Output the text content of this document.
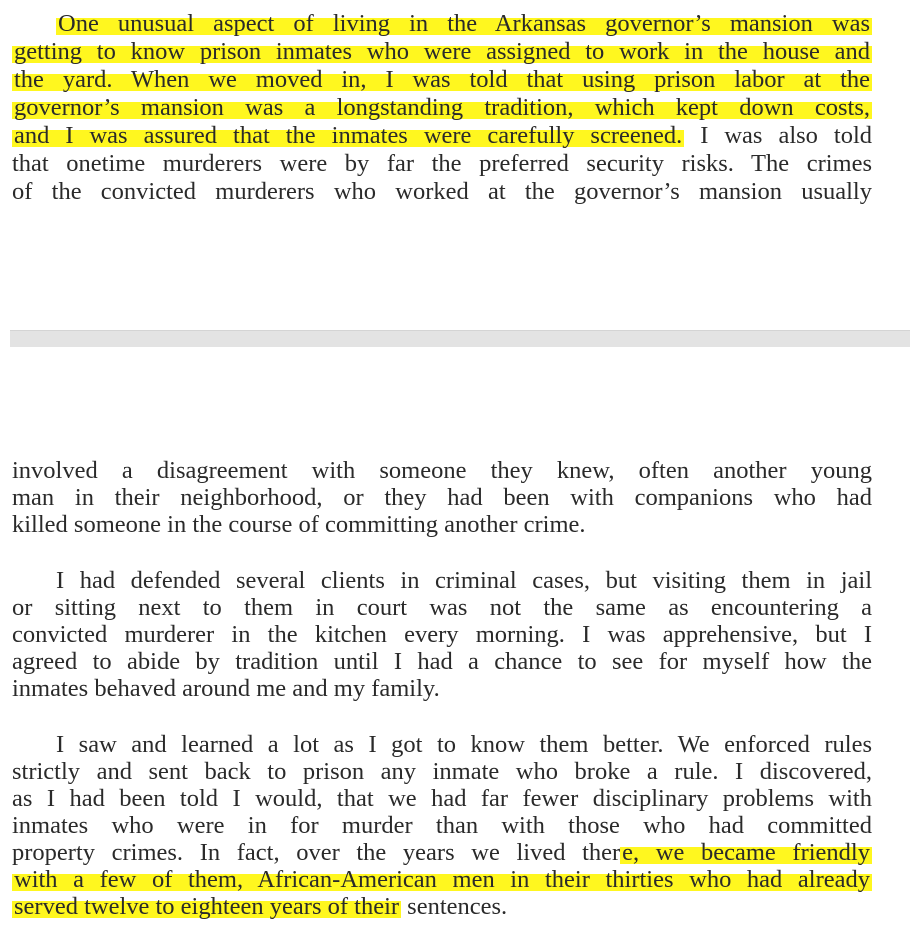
One unusual aspect of living in the Arkansas governor’s mansion was
getting to know prison inmates who were assigned to work in the house and
the yard. When we moved in, I was told that using prison labor at the
governor’s mansion was a longstanding tradition, which kept down costs,
and I was assured that the inmates were carefully screened. I was also told
that onetime murderers were by far the preferred security risks. The crimes
of the convicted murderers who worked at the governor’s mansion usually
involved a disagreement with someone they knew, often another young
man in their neighborhood, or they had been with companions who had
killed someone in the course of committing another crime.
I had defended several clients in criminal cases, but visiting them in jail
or sitting next to them in court was not the same as encountering a
convicted murderer in the kitchen every morning. I was apprehensive, but I
agreed to abide by tradition until I had a chance to see for myself how the
inmates behaved around me and my family.
I saw and learned a lot as I got to know them better. We enforced rules
strictly and sent back to prison any inmate who broke a rule. I discovered,
as I had been told I would, that we had far fewer disciplinary problems with
inmates who were in for murder than with those who had committed
property crimes. In fact, over the years we lived there, we became friendly
with a few of them, African-American men in their thirties who had already
served twelve to eighteen years of their sentences.
